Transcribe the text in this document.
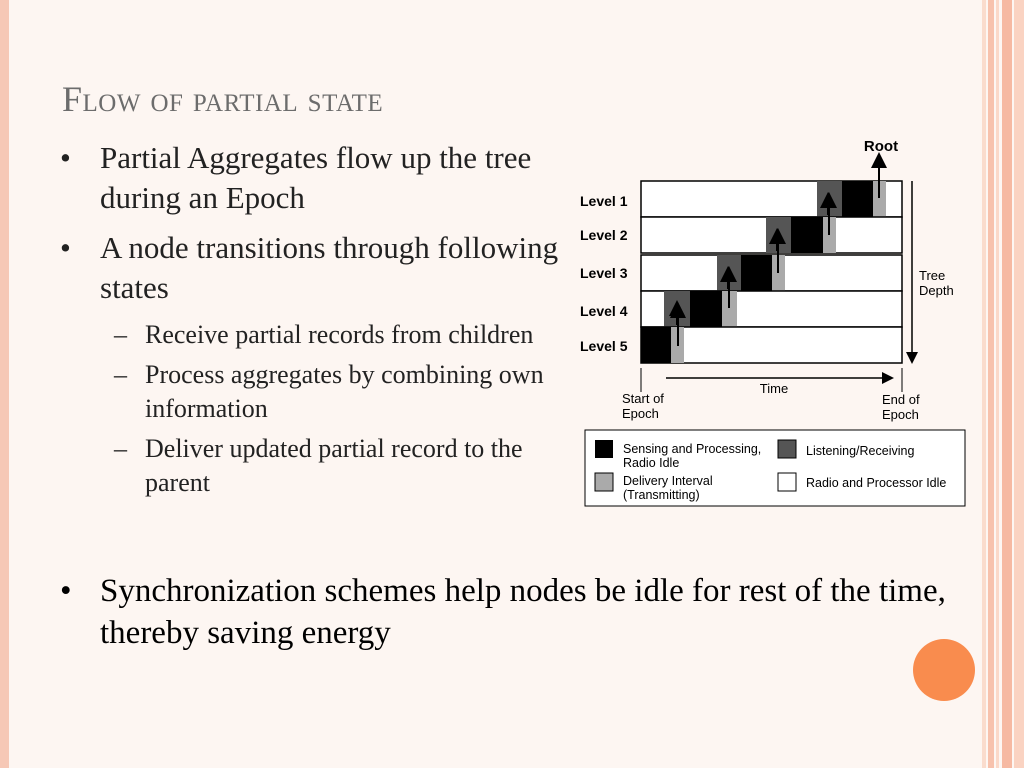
Flow of partial state
• Partial Aggregates flow up the tree during an Epoch
• A node transitions through following states
– Receive partial records from children
– Process aggregates by combining own information
– Deliver updated partial record to the parent
• Synchronization schemes help nodes be idle for rest of the time, thereby saving energy
Root
Level 1
Level 2
Level 3
Level 4
Level 5
Tree
Depth
Time
Start of
Epoch
End of
Epoch
Sensing and Processing,
Radio Idle
Listening/Receiving
Delivery Interval
(Transmitting)
Radio and Processor Idle
